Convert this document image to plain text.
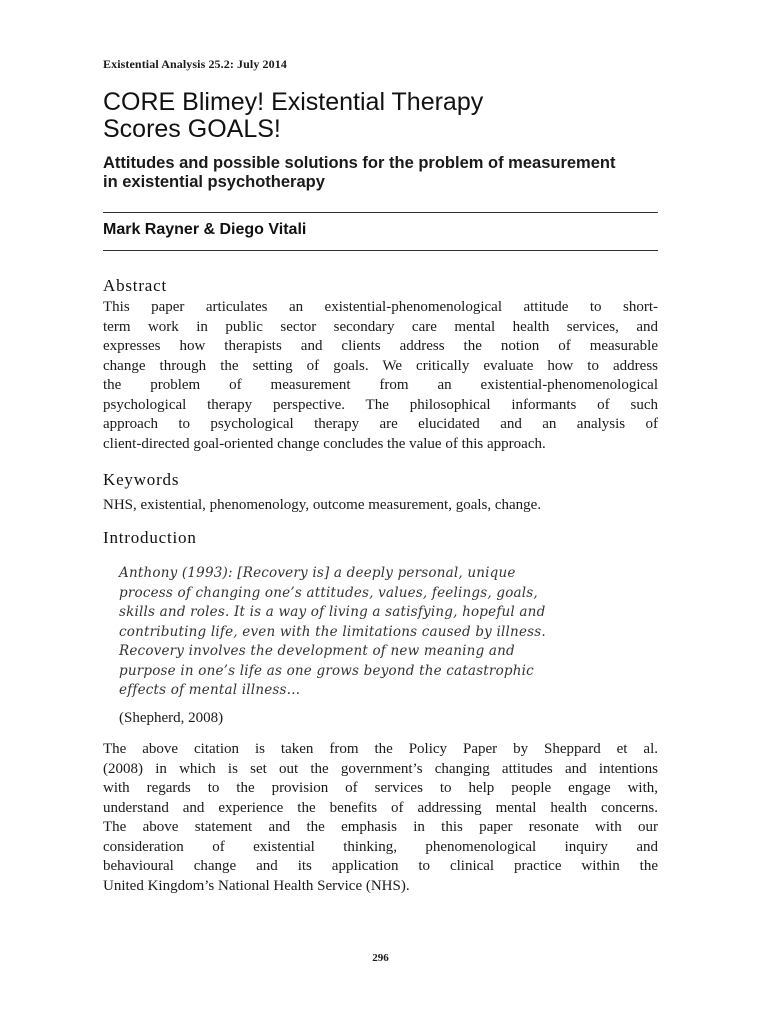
Existential Analysis 25.2: July 2014
CORE Blimey! Existential Therapy
Scores GOALS!
Attitudes and possible solutions for the problem of measurement
in existential psychotherapy
Mark Rayner & Diego Vitali
Abstract
This paper articulates an existential-phenomenological attitude to short-
term work in public sector secondary care mental health services, and
expresses how therapists and clients address the notion of measurable
change through the setting of goals. We critically evaluate how to address
the problem of measurement from an existential-phenomenological
psychological therapy perspective. The philosophical informants of such
approach to psychological therapy are elucidated and an analysis of
client-directed goal-oriented change concludes the value of this approach.
Keywords
NHS, existential, phenomenology, outcome measurement, goals, change.
Introduction
Anthony (1993): [Recovery is] a deeply personal, unique
process of changing one’s attitudes, values, feelings, goals,
skills and roles. It is a way of living a satisfying, hopeful and
contributing life, even with the limitations caused by illness.
Recovery involves the development of new meaning and
purpose in one’s life as one grows beyond the catastrophic
effects of mental illness…
(Shepherd, 2008)
The above citation is taken from the Policy Paper by Sheppard et al.
(2008) in which is set out the government’s changing attitudes and intentions
with regards to the provision of services to help people engage with,
understand and experience the benefits of addressing mental health concerns.
The above statement and the emphasis in this paper resonate with our
consideration of existential thinking, phenomenological inquiry and
behavioural change and its application to clinical practice within the
United Kingdom’s National Health Service (NHS).
296
